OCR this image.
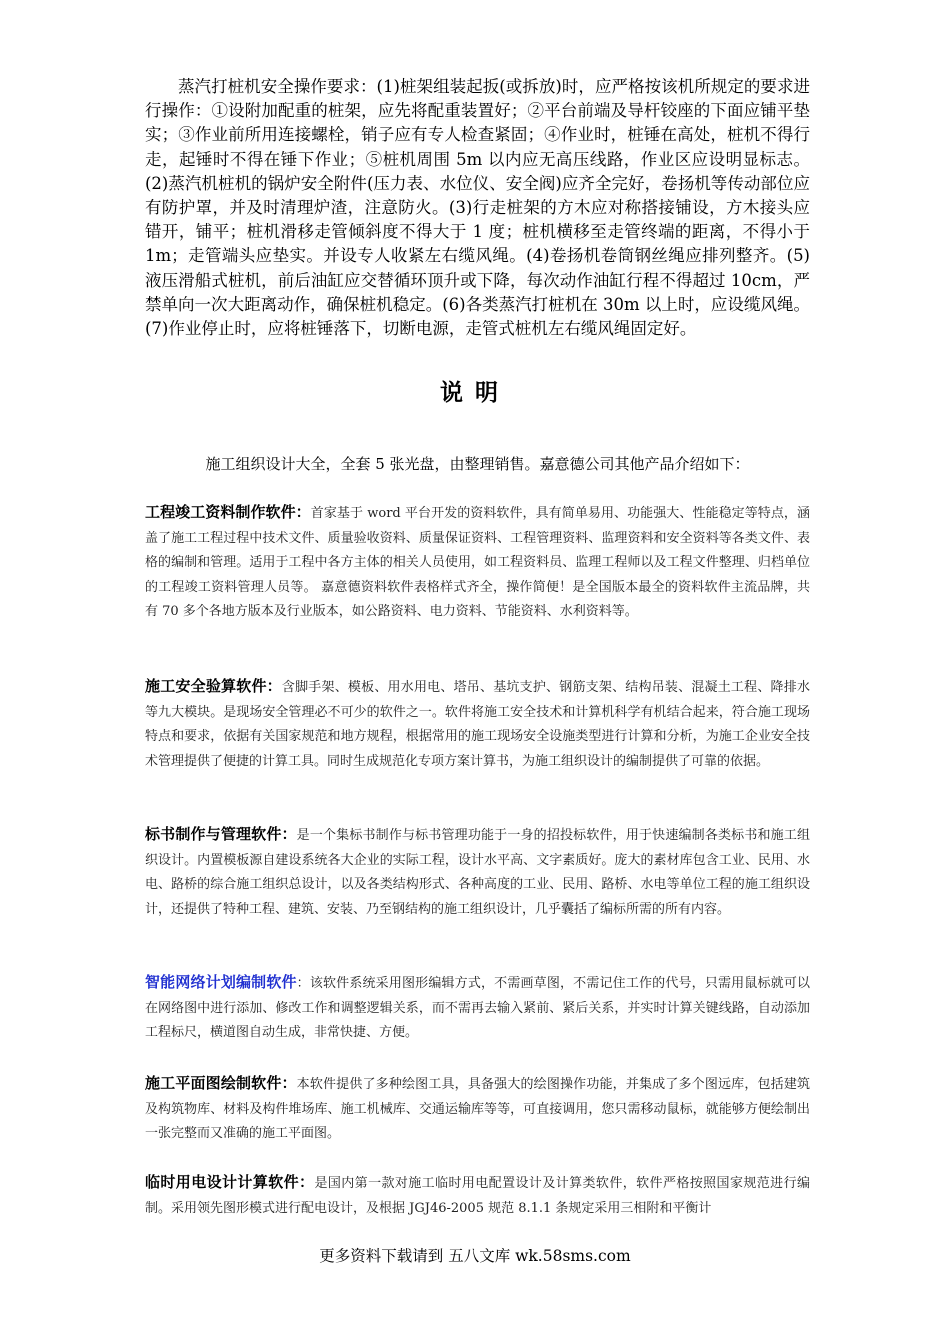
蒸汽打桩机安全操作要求：(1)桩架组装起扳(或拆放)时，应严格按该机所规定的要求进行操作：①设附加配重的桩架，应先将配重装置好；②平台前端及导杆铰座的下面应铺平垫实；③作业前所用连接螺栓，销子应有专人检查紧固；④作业时，桩锤在高处，桩机不得行走，起锤时不得在锤下作业；⑤桩机周围 5m 以内应无高压线路，作业区应设明显标志。(2)蒸汽机桩机的锅炉安全附件(压力表、水位仪、安全阀)应齐全完好，卷扬机等传动部位应有防护罩，并及时清理炉渣，注意防火。(3)行走桩架的方木应对称搭接铺设，方木接头应错开，铺平；桩机滑移走管倾斜度不得大于 1 度；桩机横移至走管终端的距离，不得小于 1m；走管端头应垫实。并设专人收紧左右缆风绳。(4)卷扬机卷筒钢丝绳应排列整齐。(5)液压滑船式桩机，前后油缸应交替循环顶升或下降，每次动作油缸行程不得超过 10cm，严禁单向一次大距离动作，确保桩机稳定。(6)各类蒸汽打桩机在 30m 以上时，应设缆风绳。(7)作业停止时，应将桩锤落下，切断电源，走管式桩机左右缆风绳固定好。

说明

施工组织设计大全，全套 5 张光盘，由整理销售。嘉意德公司其他产品介绍如下：

工程竣工资料制作软件：首家基于 word 平台开发的资料软件，具有简单易用、功能强大、性能稳定等特点，涵盖了施工工程过程中技术文件、质量验收资料、质量保证资料、工程管理资料、监理资料和安全资料等各类文件、表格的编制和管理。适用于工程中各方主体的相关人员使用，如工程资料员、监理工程师以及工程文件整理、归档单位的工程竣工资料管理人员等。 嘉意德资料软件表格样式齐全，操作简便！是全国版本最全的资料软件主流品牌，共有 70 多个各地方版本及行业版本，如公路资料、电力资料、节能资料、水利资料等。

施工安全验算软件：含脚手架、模板、用水用电、塔吊、基坑支护、钢筋支架、结构吊装、混凝土工程、降排水等九大模块。是现场安全管理必不可少的软件之一。软件将施工安全技术和计算机科学有机结合起来，符合施工现场特点和要求，依据有关国家规范和地方规程，根据常用的施工现场安全设施类型进行计算和分析，为施工企业安全技术管理提供了便捷的计算工具。同时生成规范化专项方案计算书，为施工组织设计的编制提供了可靠的依据。

标书制作与管理软件：是一个集标书制作与标书管理功能于一身的招投标软件，用于快速编制各类标书和施工组织设计。内置模板源自建设系统各大企业的实际工程，设计水平高、文字素质好。庞大的素材库包含工业、民用、水电、路桥的综合施工组织总设计，以及各类结构形式、各种高度的工业、民用、路桥、水电等单位工程的施工组织设计，还提供了特种工程、建筑、安装、乃至钢结构的施工组织设计，几乎囊括了编标所需的所有内容。

智能网络计划编制软件：该软件系统采用图形编辑方式，不需画草图，不需记住工作的代号，只需用鼠标就可以在网络图中进行添加、修改工作和调整逻辑关系，而不需再去输入紧前、紧后关系，并实时计算关键线路，自动添加工程标尺，横道图自动生成，非常快捷、方便。

施工平面图绘制软件：本软件提供了多种绘图工具，具备强大的绘图操作功能，并集成了多个图远库，包括建筑及构筑物库、材料及构件堆场库、施工机械库、交通运输库等等，可直接调用，您只需移动鼠标，就能够方便绘制出一张完整而又准确的施工平面图。

临时用电设计计算软件：是国内第一款对施工临时用电配置设计及计算类软件，软件严格按照国家规范进行编制。采用领先图形模式进行配电设计，及根据 JGJ46-2005 规范 8.1.1 条规定采用三相附和平衡计

更多资料下载请到 五八文库 wk.58sms.com
